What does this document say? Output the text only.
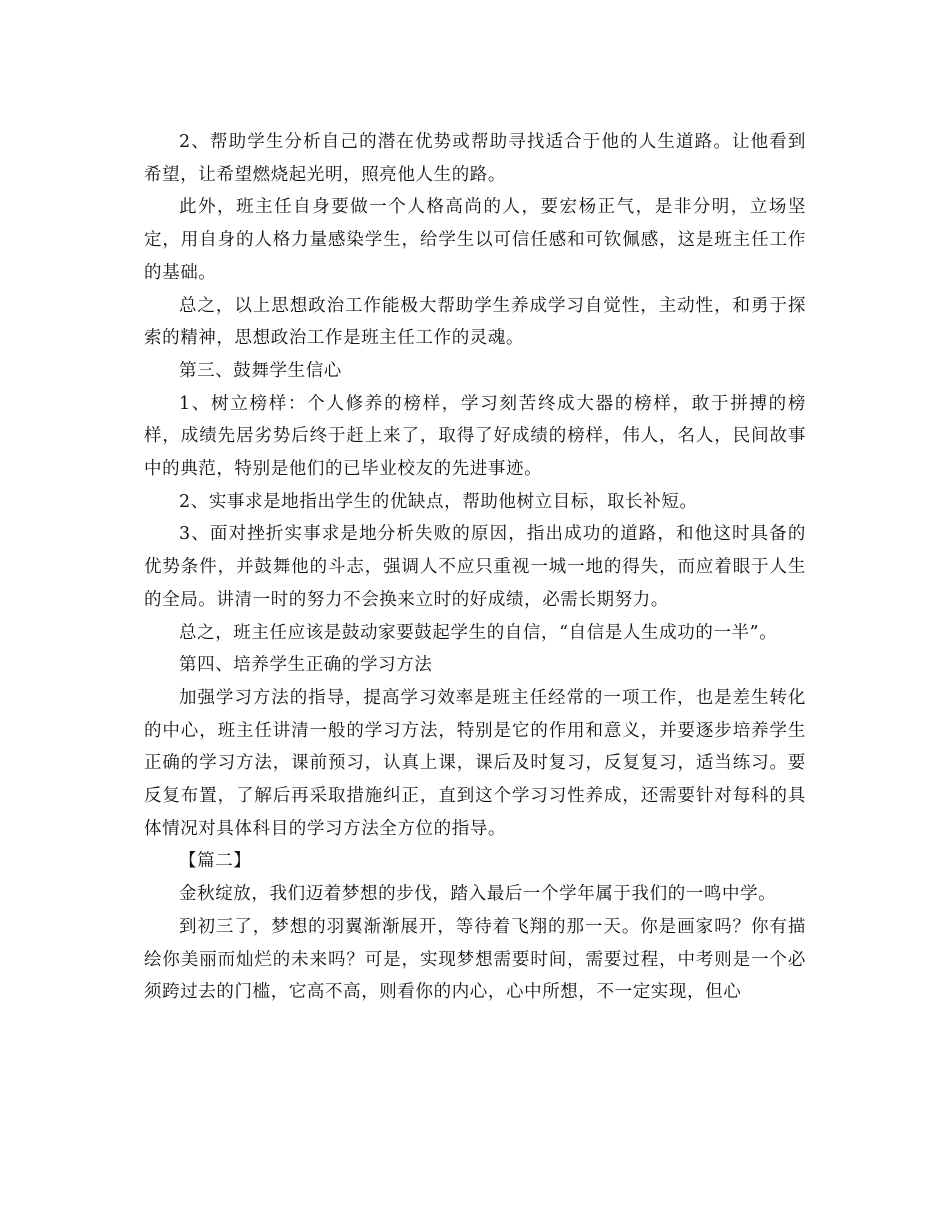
2、帮助学生分析自己的潜在优势或帮助寻找适合于他的人生道路。让他看到希望，让希望燃烧起光明，照亮他人生的路。

此外，班主任自身要做一个人格高尚的人，要宏杨正气，是非分明，立场坚定，用自身的人格力量感染学生，给学生以可信任感和可钦佩感，这是班主任工作的基础。

总之，以上思想政治工作能极大帮助学生养成学习自觉性，主动性，和勇于探索的精神，思想政治工作是班主任工作的灵魂。

第三、鼓舞学生信心

1、树立榜样：个人修养的榜样，学习刻苦终成大器的榜样，敢于拼搏的榜样，成绩先居劣势后终于赶上来了，取得了好成绩的榜样，伟人，名人，民间故事中的典范，特别是他们的已毕业校友的先进事迹。

2、实事求是地指出学生的优缺点，帮助他树立目标，取长补短。

3、面对挫折实事求是地分析失败的原因，指出成功的道路，和他这时具备的优势条件，并鼓舞他的斗志，强调人不应只重视一城一地的得失，而应着眼于人生的全局。讲清一时的努力不会换来立时的好成绩，必需长期努力。

总之，班主任应该是鼓动家要鼓起学生的自信，“自信是人生成功的一半”。

第四、培养学生正确的学习方法

加强学习方法的指导，提高学习效率是班主任经常的一项工作，也是差生转化的中心，班主任讲清一般的学习方法，特别是它的作用和意义，并要逐步培养学生正确的学习方法，课前预习，认真上课，课后及时复习，反复复习，适当练习。要反复布置，了解后再采取措施纠正，直到这个学习习性养成，还需要针对每科的具体情况对具体科目的学习方法全方位的指导。

【篇二】

金秋绽放，我们迈着梦想的步伐，踏入最后一个学年属于我们的一鸣中学。

到初三了，梦想的羽翼渐渐展开，等待着飞翔的那一天。你是画家吗？你有描绘你美丽而灿烂的未来吗？可是，实现梦想需要时间，需要过程，中考则是一个必须跨过去的门槛，它高不高，则看你的内心，心中所想，不一定实现，但心
